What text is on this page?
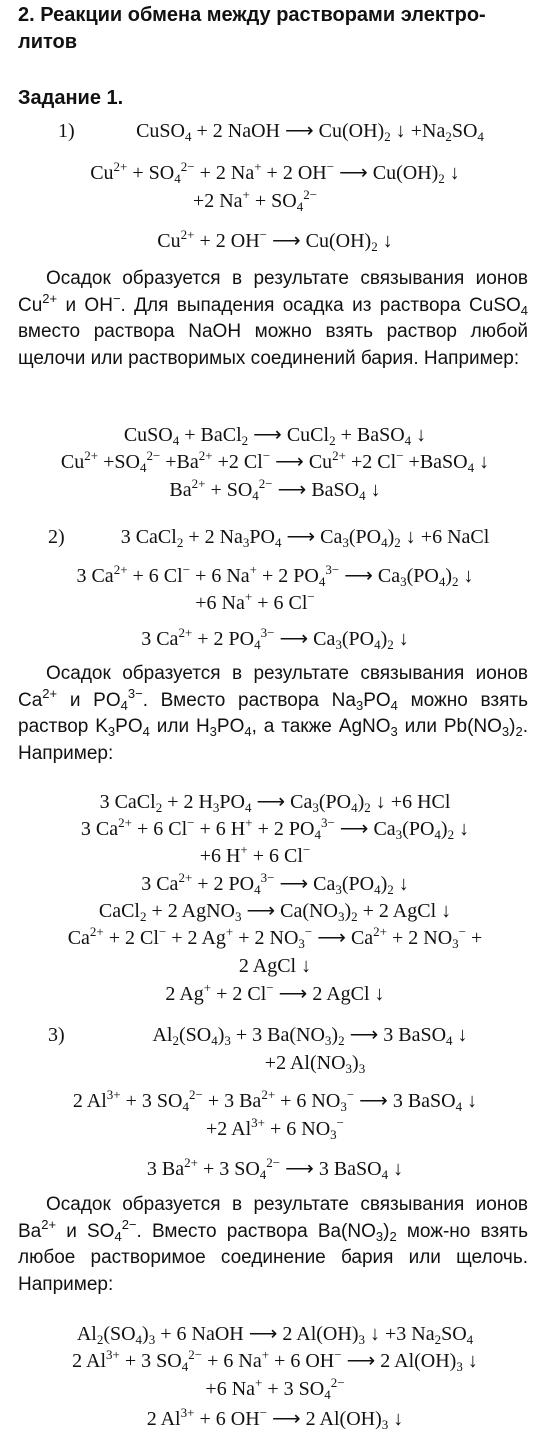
2. Реакции обмена между растворами электро-литов
Задание 1.
1)	CuSO$_4$ + 2 NaOH ⟶ $Cu(OH)_2$ ↓ $+Na_2SO_4$
$Cu^{2+} + SO_4^{2-} + 2$ Na+ + 2 OH− ⟶ $Cu(OH)_2$ ↓
+2 $Na^+ + SO_4^{2-}$
$Cu^{2+} + 2$ OH− ⟶ $Cu(OH)_2$ ↓
Осадок образуется в результате связывания ионов $Cu^{2+}$ и OH−. Для выпадения осадка из раствора CuSO$_4$ вместо раствора NaOH можно взять раствор любой щелочи или растворимых соединений бария. Например:
CuSO$_4$ + BaCl$_2$ ⟶ CuCl$_2$ + BaSO$_4$ ↓
$Cu^{2+} +SO_4^{2-} +Ba^{2+} +2$ Cl− ⟶ $Cu^{2+} +2$ Cl− +BaSO$_4$ ↓
$Ba^{2+} + SO_4^{2-}$ ⟶ BaSO$_4$ ↓
2)	3 CaCl$_2$ + 2 $Na_3PO_4$ ⟶ $Ca_3(PO_4)_2$ ↓ +6 NaCl
3 $Ca^{2+} + 6$ Cl− + 6 Na+ + 2 $PO_4^{3-}$ ⟶ $Ca_3(PO_4)_2$ ↓
+6 Na+ + 6 Cl−
3 $Ca^{2+} + 2$ $PO_4^{3-}$ ⟶ $Ca_3(PO_4)_2$ ↓
Осадок образуется в результате связывания ионов $Ca^{2+}$ и $PO_4^{3-}$. Вместо раствора $Na_3PO_4$ можно взять раствор $K_3PO_4$ или $H_3PO_4$, а также AgNO$_3$ или $Pb(NO_3)_2$. Например:
3 CaCl$_2$ + 2 $H_3PO_4$ ⟶ $Ca_3(PO_4)_2$ ↓ +6 HCl
3 $Ca^{2+} + 6$ Cl− + 6 H+ + 2 $PO_4^{3-}$ ⟶ $Ca_3(PO_4)_2$ ↓
+6 H+ + 6 Cl−
3 $Ca^{2+} + 2$ $PO_4^{3-}$ ⟶ $Ca_3(PO_4)_2$ ↓
CaCl$_2$ + 2 AgNO$_3$ ⟶ $Ca(NO_3)_2 + 2$ AgCl ↓
$Ca^{2+} + 2$ Cl− + 2 Ag+ + 2 $NO_3^-$ ⟶ $Ca^{2+} + 2$ $NO_3^-$ +
2 AgCl ↓
2 Ag+ + 2 Cl− ⟶ 2 AgCl ↓
3)	$Al_2(SO_4)_3 + 3$ $Ba(NO_3)_2$ ⟶ 3 BaSO$_4$ ↓
+2 $Al(NO_3)_3$
2 $Al^{3+} + 3$ $SO_4^{2-} + 3$ $Ba^{2+} + 6$ $NO_3^-$ ⟶ 3 BaSO$_4$ ↓
+2 $Al^{3+} + 6$ $NO_3^-$
3 $Ba^{2+} + 3$ $SO_4^{2-}$ ⟶ 3 BaSO$_4$ ↓
Осадок образуется в результате связывания ионов $Ba^{2+}$ и $SO_4^{2-}$. Вместо раствора $Ba(NO_3)_2$ мож-но взять любое растворимое соединение бария или щелочь. Например:
$Al_2(SO_4)_3 + 6$ NaOH ⟶ 2 $Al(OH)_3$ ↓ +3 $Na_2SO_4$
2 $Al^{3+} + 3$ $SO_4^{2-} + 6$ Na+ + 6 OH− ⟶ 2 $Al(OH)_3$ ↓
+6 Na+ + 3 $SO_4^{2-}$
2 $Al^{3+} + 6$ OH− ⟶ 2 $Al(OH)_3$ ↓
